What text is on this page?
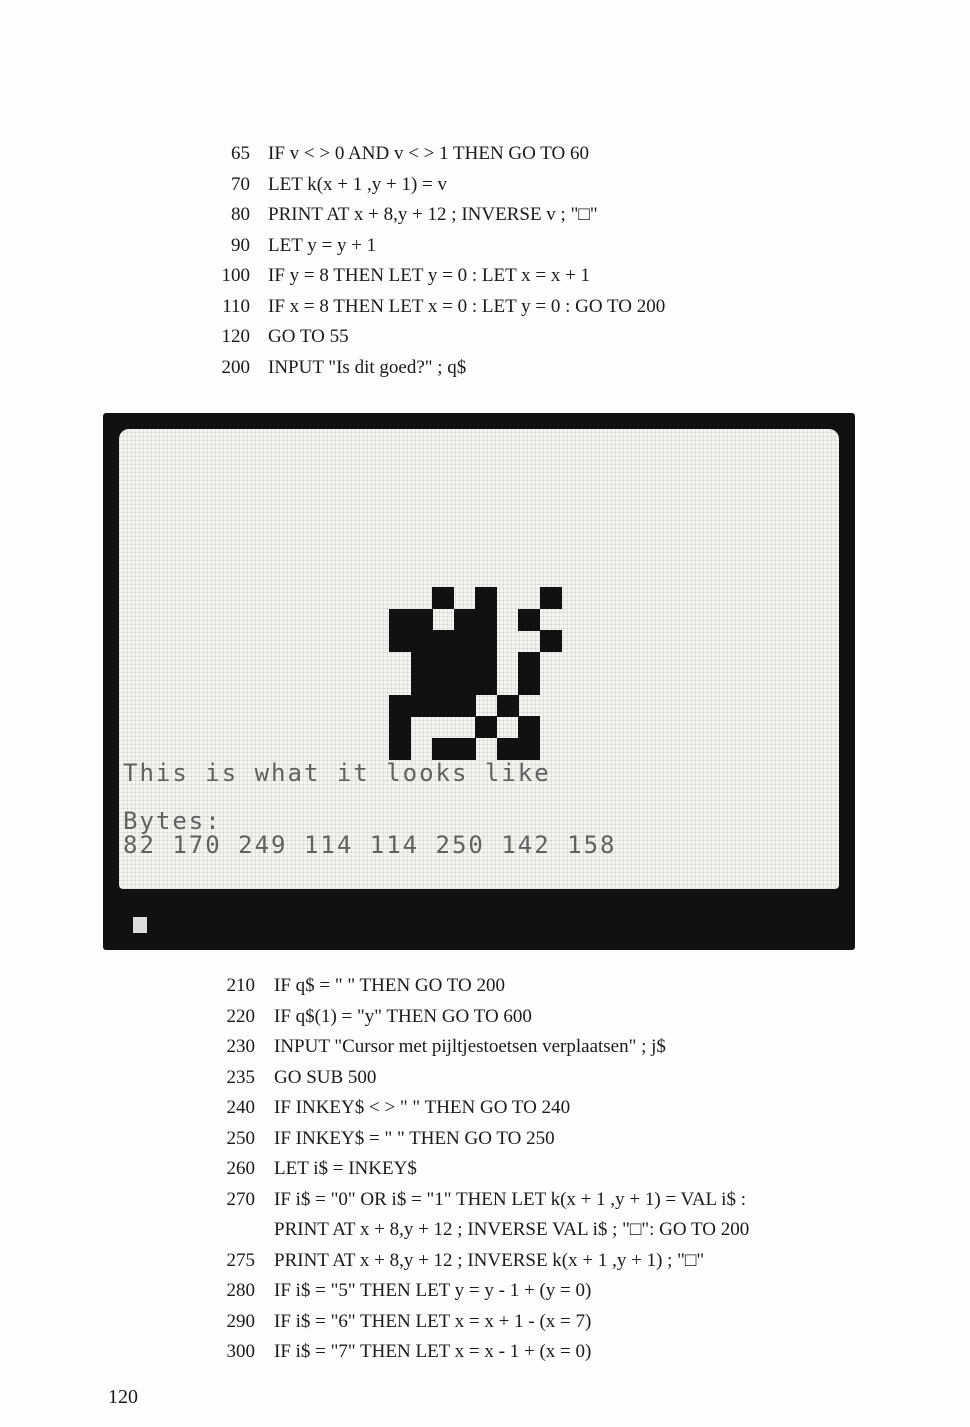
65 IF v < > 0 AND v < > 1 THEN GO TO 60
70 LET k(x + 1 ,y + 1) = v
80 PRINT AT x + 8,y + 12 ; INVERSE v ; "□"
90 LET y = y + 1
100 IF y = 8 THEN LET y = 0 : LET x = x + 1
110 IF x = 8 THEN LET x = 0 : LET y = 0 : GO TO 200
120 GO TO 55
200 INPUT "Is dit goed?" ; q$
This is what it looks like
Bytes:
82 170 249 114 114 250 142 158
210 IF q$ = " " THEN GO TO 200
220 IF q$(1) = "y" THEN GO TO 600
230 INPUT "Cursor met pijltjestoetsen verplaatsen" ; j$
235 GO SUB 500
240 IF INKEY$ < > " " THEN GO TO 240
250 IF INKEY$ = " " THEN GO TO 250
260 LET i$ = INKEY$
270 IF i$ = "0" OR i$ = "1" THEN LET k(x + 1 ,y + 1) = VAL i$ :
PRINT AT x + 8,y + 12 ; INVERSE VAL i$ ; "□": GO TO 200
275 PRINT AT x + 8,y + 12 ; INVERSE k(x + 1 ,y + 1) ; "□"
280 IF i$ = "5" THEN LET y = y - 1 + (y = 0)
290 IF i$ = "6" THEN LET x = x + 1 - (x = 7)
300 IF i$ = "7" THEN LET x = x - 1 + (x = 0)
120
